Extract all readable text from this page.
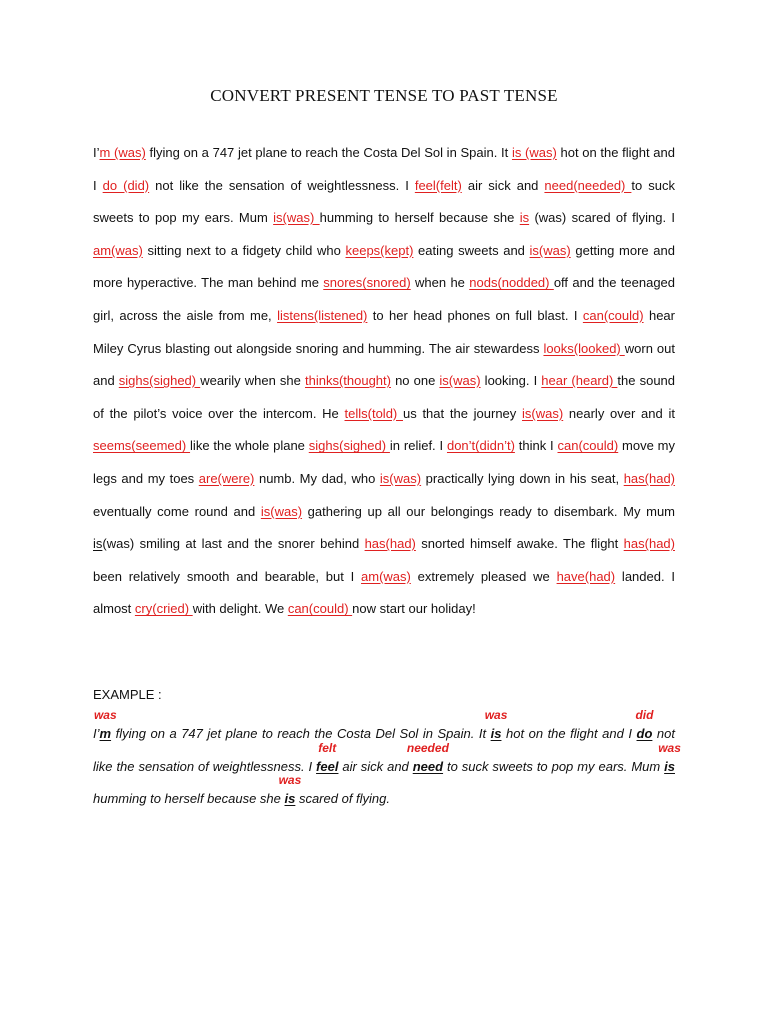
CONVERT PRESENT TENSE TO PAST TENSE

I’m (was) flying on a 747 jet plane to reach the Costa Del Sol in Spain. It is (was) hot on the flight and I do (did) not like the sensation of weightlessness. I feel(felt) air sick and need(needed) to suck sweets to pop my ears. Mum is(was) humming to herself because she is (was) scared of flying. I am(was) sitting next to a fidgety child who keeps(kept) eating sweets and is(was) getting more and more hyperactive. The man behind me snores(snored) when he nods(nodded) off and the teenaged girl, across the aisle from me, listens(listened) to her head phones on full blast. I can(could) hear Miley Cyrus blasting out alongside snoring and humming. The air stewardess looks(looked) worn out and sighs(sighed) wearily when she thinks(thought) no one is(was) looking. I hear (heard) the sound of the pilot’s voice over the intercom. He tells(told) us that the journey is(was) nearly over and it seems(seemed) like the whole plane sighs(sighed) in relief. I don’t(didn’t) think I can(could) move my legs and my toes are(were) numb. My dad, who is(was) practically lying down in his seat, has(had) eventually come round and is(was) gathering up all our belongings ready to disembark. My mum is(was) smiling at last and the snorer behind has(had) snorted himself awake. The flight has(had) been relatively smooth and bearable, but I am(was) extremely pleased we have(had) landed. I almost cry(cried) with delight. We can(could) now start our holiday!

EXAMPLE :

I’
was
m flying on a 747 jet plane to reach the Costa Del Sol in Spain. It
was
is hot on the flight and I
did
do not like the sensation of weightlessness. I
felt
feel air sick and
needed
need to suck sweets to pop my ears. Mum
was
is humming to herself because she
was
is scared of flying.
